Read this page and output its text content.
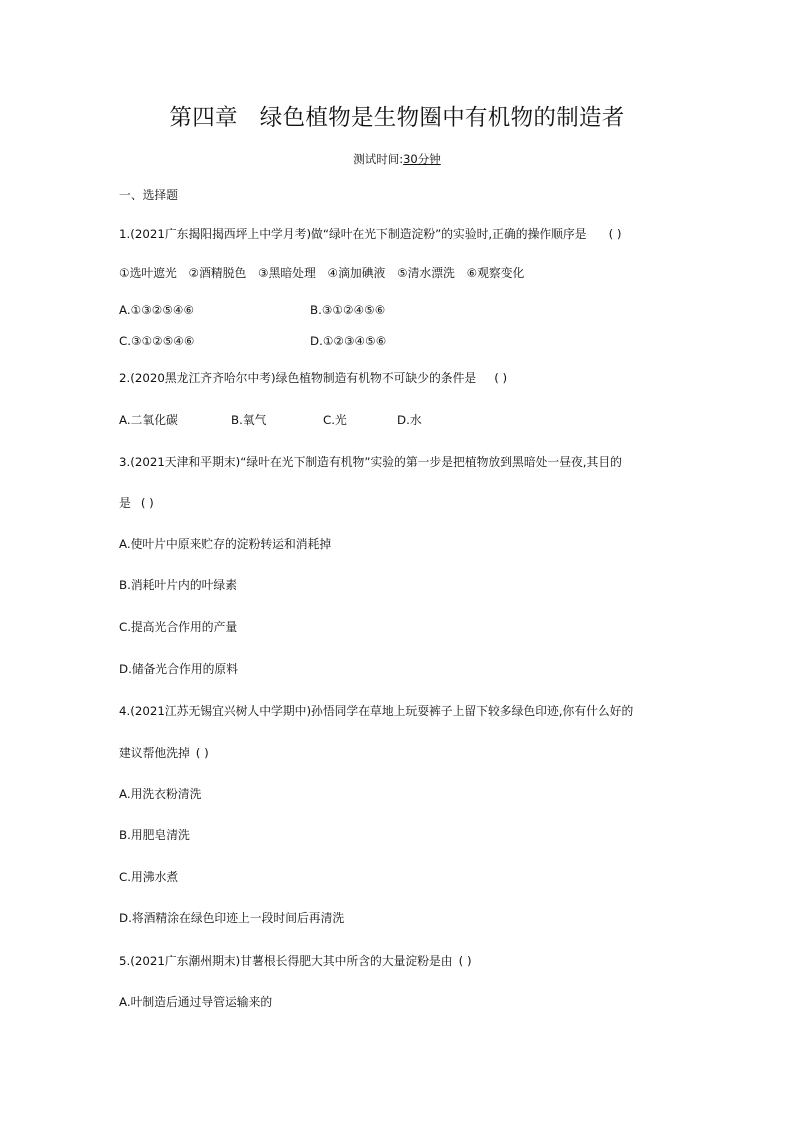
第四章 绿色植物是生物圈中有机物的制造者
测试时间:30分钟
一、选择题
1.(2021广东揭阳揭西坪上中学月考)做“绿叶在光下制造淀粉”的实验时,正确的操作顺序是 ( )
①选叶遮光 ②酒精脱色 ③黑暗处理 ④滴加碘液 ⑤清水漂洗 ⑥观察变化
A.①③②⑤④⑥	B.③①②④⑤⑥
C.③①②⑤④⑥	D.①②③④⑤⑥
2.(2020黑龙江齐齐哈尔中考)绿色植物制造有机物不可缺少的条件是 ( )
A.二氧化碳	B.氧气	C.光	D.水
3.(2021天津和平期末)“绿叶在光下制造有机物”实验的第一步是把植物放到黑暗处一昼夜,其目的
是 ( )
A.使叶片中原来贮存的淀粉转运和消耗掉
B.消耗叶片内的叶绿素
C.提高光合作用的产量
D.储备光合作用的原料
4.(2021江苏无锡宜兴树人中学期中)孙悟同学在草地上玩耍裤子上留下较多绿色印迹,你有什么好的
建议帮他洗掉 ( )
A.用洗衣粉清洗
B.用肥皂清洗
C.用沸水煮
D.将酒精涂在绿色印迹上一段时间后再清洗
5.(2021广东潮州期末)甘薯根长得肥大其中所含的大量淀粉是由 ( )
A.叶制造后通过导管运输来的
